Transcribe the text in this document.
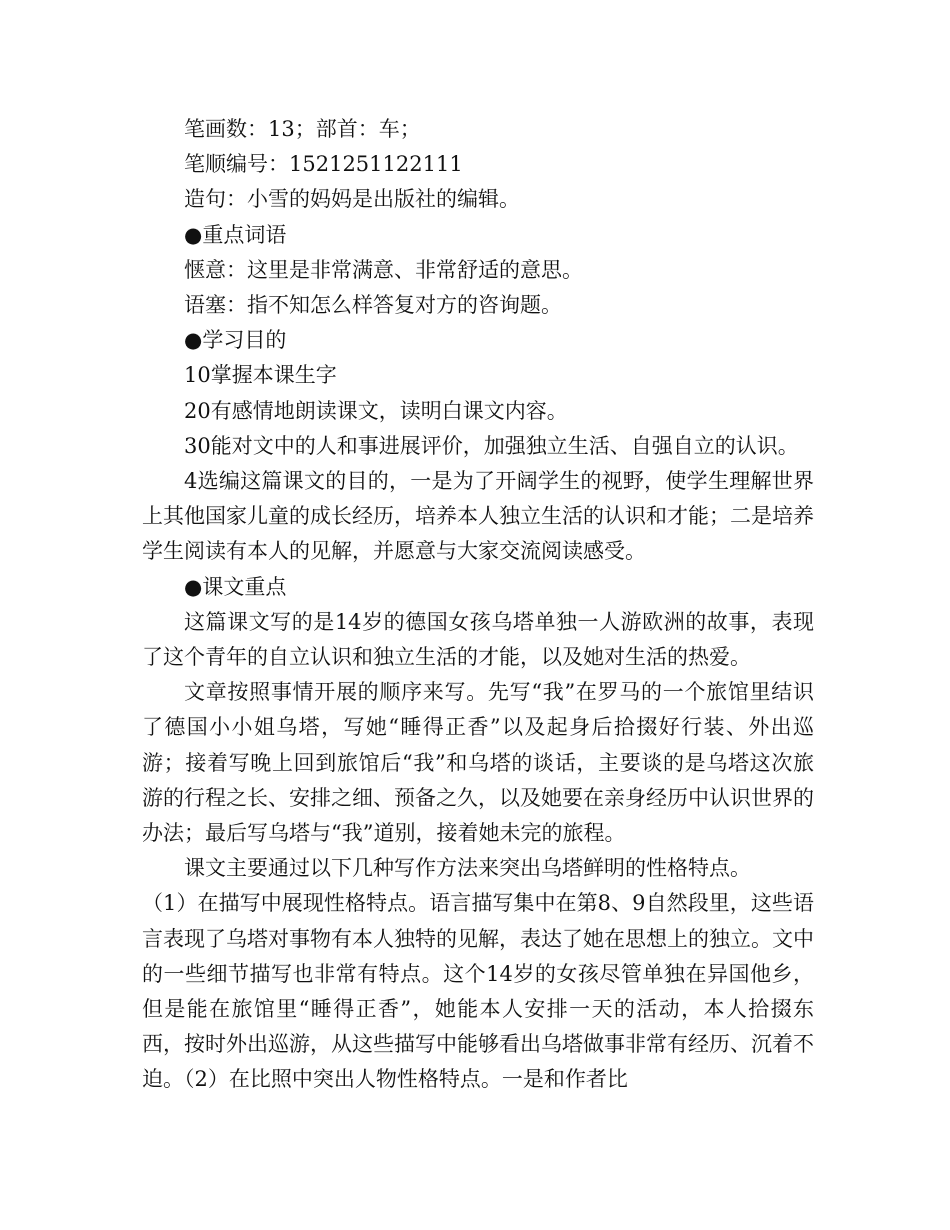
笔画数：13；部首：车；

笔顺编号：1521251122111

造句：小雪的妈妈是出版社的编辑。

●重点词语

惬意：这里是非常满意、非常舒适的意思。

语塞：指不知怎么样答复对方的咨询题。

●学习目的

10掌握本课生字

20有感情地朗读课文，读明白课文内容。

30能对文中的人和事进展评价，加强独立生活、自强自立的认识。

4选编这篇课文的目的，一是为了开阔学生的视野，使学生理解世界上其他国家儿童的成长经历，培养本人独立生活的认识和才能；二是培养学生阅读有本人的见解，并愿意与大家交流阅读感受。

●课文重点

这篇课文写的是14岁的德国女孩乌塔单独一人游欧洲的故事，表现了这个青年的自立认识和独立生活的才能，以及她对生活的热爱。

文章按照事情开展的顺序来写。先写“我”在罗马的一个旅馆里结识了德国小小姐乌塔，写她“睡得正香”以及起身后拾掇好行装、外出巡游；接着写晚上回到旅馆后“我”和乌塔的谈话，主要谈的是乌塔这次旅游的行程之长、安排之细、预备之久，以及她要在亲身经历中认识世界的办法；最后写乌塔与“我”道别，接着她未完的旅程。

课文主要通过以下几种写作方法来突出乌塔鲜明的性格特点。

（1）在描写中展现性格特点。语言描写集中在第8、9自然段里，这些语言表现了乌塔对事物有本人独特的见解，表达了她在思想上的独立。文中的一些细节描写也非常有特点。这个14岁的女孩尽管单独在异国他乡，但是能在旅馆里“睡得正香”，她能本人安排一天的活动，本人拾掇东西，按时外出巡游，从这些描写中能够看出乌塔做事非常有经历、沉着不迫。（2）在比照中突出人物性格特点。一是和作者比
